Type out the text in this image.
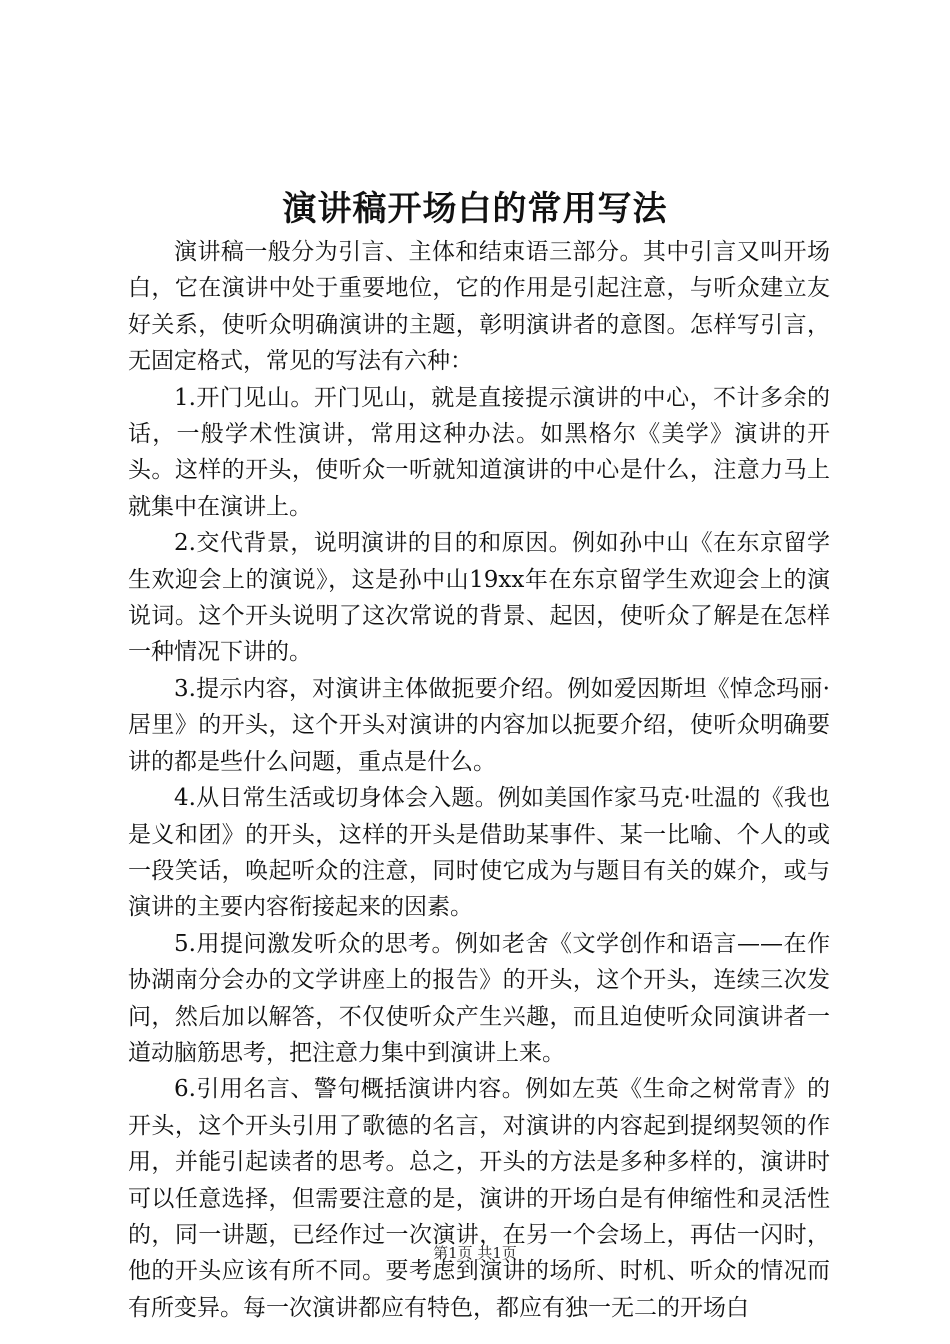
演讲稿开场白的常用写法

演讲稿一般分为引言、主体和结束语三部分。其中引言又叫开场白，它在演讲中处于重要地位，它的作用是引起注意，与听众建立友好关系，使听众明确演讲的主题，彰明演讲者的意图。怎样写引言，无固定格式，常见的写法有六种：

1.开门见山。开门见山，就是直接提示演讲的中心，不计多余的话，一般学术性演讲，常用这种办法。如黑格尔《美学》演讲的开头。这样的开头，使听众一听就知道演讲的中心是什么，注意力马上就集中在演讲上。

2.交代背景，说明演讲的目的和原因。例如孙中山《在东京留学生欢迎会上的演说》，这是孙中山19xx年在东京留学生欢迎会上的演说词。这个开头说明了这次常说的背景、起因，使听众了解是在怎样一种情况下讲的。

3.提示内容，对演讲主体做扼要介绍。例如爱因斯坦《悼念玛丽·居里》的开头，这个开头对演讲的内容加以扼要介绍，使听众明确要讲的都是些什么问题，重点是什么。

4.从日常生活或切身体会入题。例如美国作家马克·吐温的《我也是义和团》的开头，这样的开头是借助某事件、某一比喻、个人的或一段笑话，唤起听众的注意，同时使它成为与题目有关的媒介，或与演讲的主要内容衔接起来的因素。

5.用提问激发听众的思考。例如老舍《文学创作和语言——在作协湖南分会办的文学讲座上的报告》的开头，这个开头，连续三次发问，然后加以解答，不仅使听众产生兴趣，而且迫使听众同演讲者一道动脑筋思考，把注意力集中到演讲上来。

6.引用名言、警句概括演讲内容。例如左英《生命之树常青》的开头，这个开头引用了歌德的名言，对演讲的内容起到提纲契领的作用，并能引起读者的思考。总之，开头的方法是多种多样的，演讲时可以任意选择，但需要注意的是，演讲的开场白是有伸缩性和灵活性的，同一讲题，已经作过一次演讲，在另一个会场上，再估一闪时，他的开头应该有所不同。要考虑到演讲的场所、时机、听众的情况而有所变异。每一次演讲都应有特色，都应有独一无二的开场白

第1页 共1页
